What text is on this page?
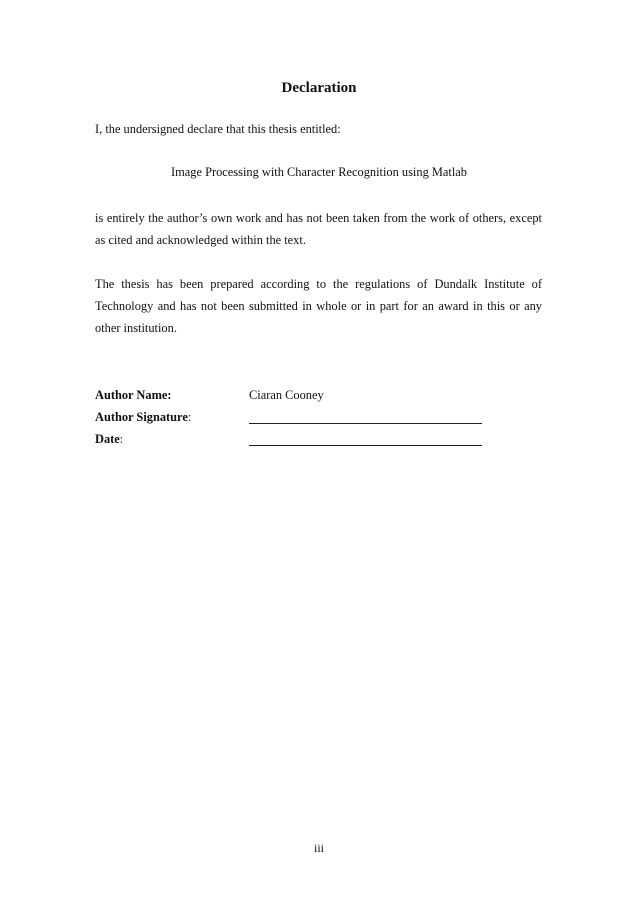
Declaration
I, the undersigned declare that this thesis entitled:
Image Processing with Character Recognition using Matlab
is entirely the author’s own work and has not been taken from the work of others, except as cited and acknowledged within the text.
The thesis has been prepared according to the regulations of Dundalk Institute of Technology and has not been submitted in whole or in part for an award in this or any other institution.
Author Name:	Ciaran Cooney
Author Signature:
Date:
iii
